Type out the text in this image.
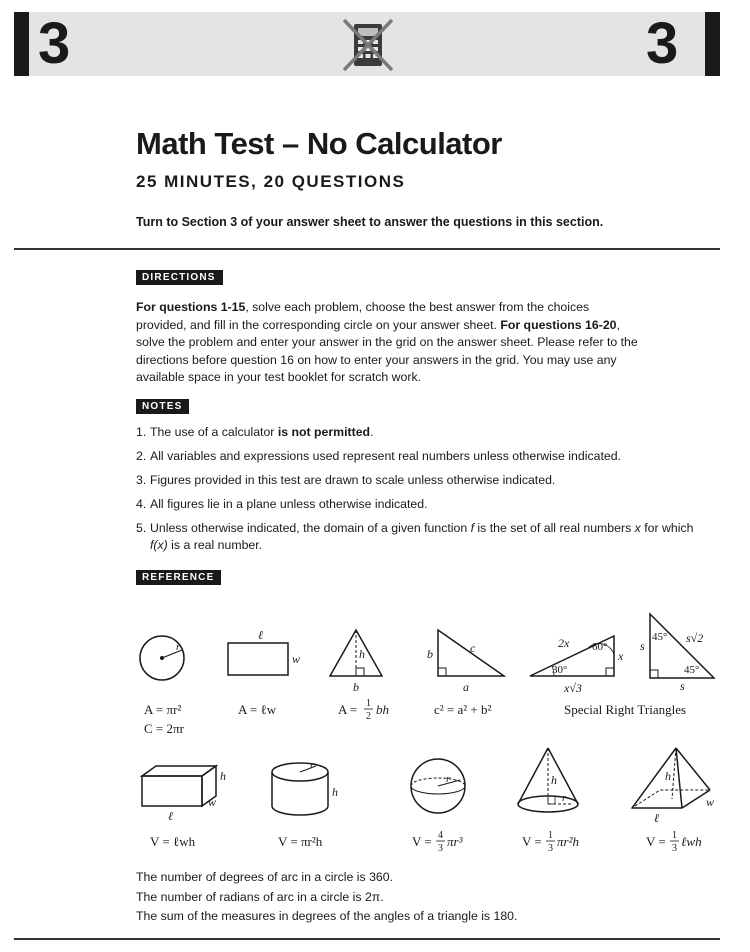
3	3
Math Test – No Calculator
25 MINUTES, 20 QUESTIONS

Turn to Section 3 of your answer sheet to answer the questions in this section.

DIRECTIONS

For questions 1-15, solve each problem, choose the best answer from the choices provided, and fill in the corresponding circle on your answer sheet. For questions 16-20, solve the problem and enter your answer in the grid on the answer sheet. Please refer to the directions before question 16 on how to enter your answers in the grid. You may use any available space in your test booklet for scratch work.

NOTES
1. The use of a calculator is not permitted.
2. All variables and expressions used represent real numbers unless otherwise indicated.
3. Figures provided in this test are drawn to scale unless otherwise indicated.
4. All figures lie in a plane unless otherwise indicated.
5. Unless otherwise indicated, the domain of a given function f is the set of all real numbers x for which f(x) is a real number.
REFERENCE
r
A = πr²
C = 2πr
ℓ
w
A = ℓw
h
b
A = 1
2 bh
b	c
a
c² = a² + b²
2x 60°
x
30°
x√3
45° s√2
s
45°
s
Special Right Triangles
h
w
ℓ
V = ℓwh
r
h
V = πr²h
r
V = 4
3 πr³
h
r
V = 1
3 πr²h
h
w
ℓ
V = 1
3 ℓwh
The number of degrees of arc in a circle is 360.
The number of radians of arc in a circle is 2π.
The sum of the measures in degrees of the angles of a triangle is 180.
